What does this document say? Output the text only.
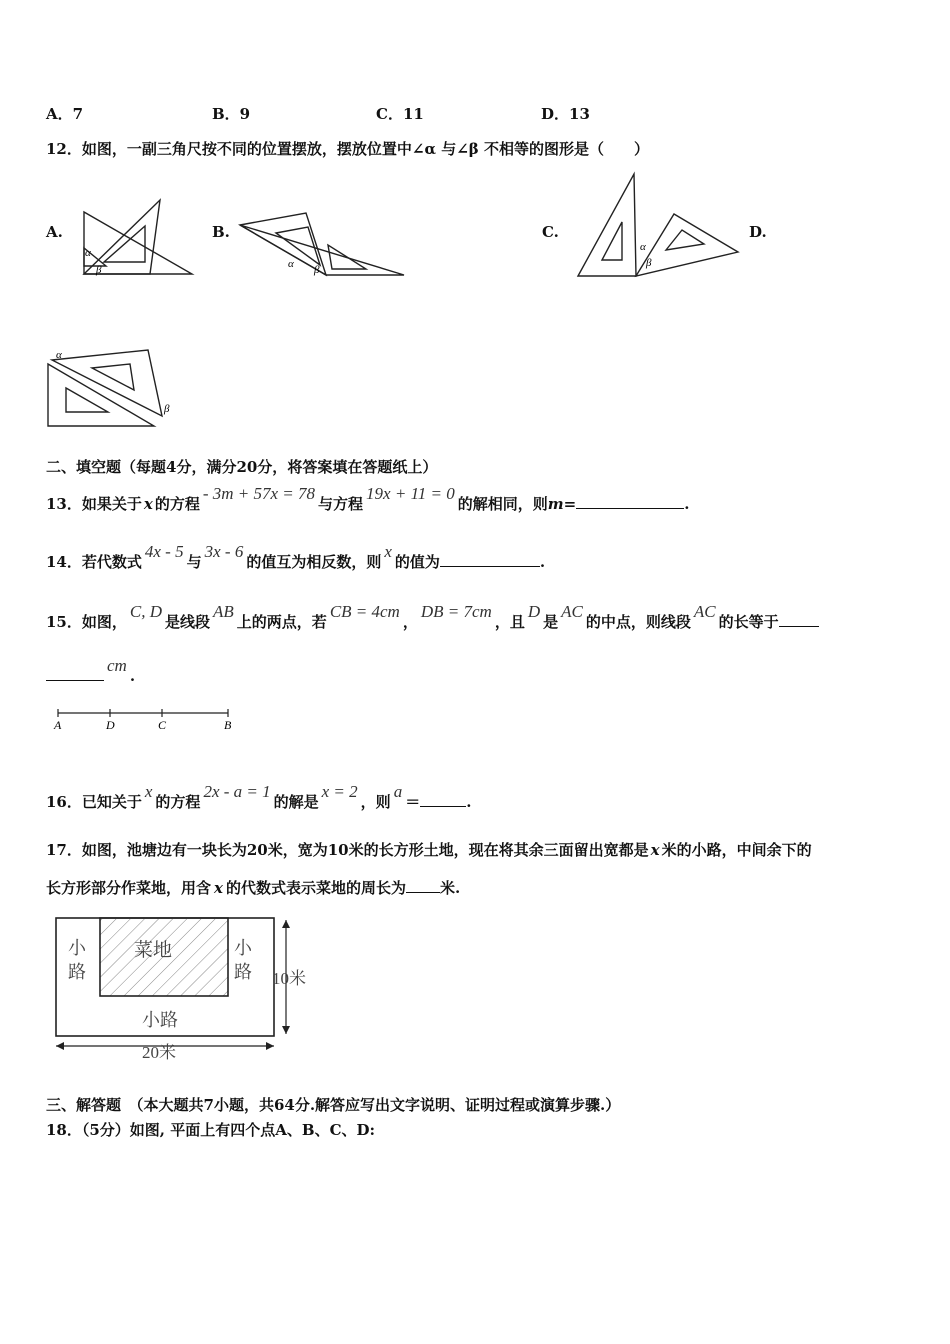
A．7	B．9	C．11	D．13
12．如图，一副三角尺按不同的位置摆放，摆放位置中∠α 与∠β 不相等的图形是（　　）
A.	B.	C.	D.
α
β	α β
α
β
α
β
二、填空题（每题4分，满分20分，将答案填在答题纸上）
13．如果关于 x 的方程- 3m + 57x = 78与方程19x + 11 = 0的解相同，则m=	.
14．若代数式4x - 5与3x - 6的值互为相反数，则x的值为	.
15．如图，C, D是线段AB上的两点，若CB = 4cm，DB = 7cm，且D是AC的中点，则线段AC的长等于
cm.
A	D	C	B
16．已知关于x的方程2x - a = 1的解是x = 2，则a＝	.
17．如图，池塘边有一块长为20米，宽为10米的长方形土地，现在将其余三面留出宽都是 x 米的小路，中间余下的
长方形部分作菜地，用含 x 的代数式表示菜地的周长为 米.
菜地
小
路
小
路
小路
10米
20米
三、解答题　（本大题共7小题，共64分.解答应写出文字说明、证明过程或演算步骤.）
18．（5分）如图, 平面上有四个点A、B、C、D:
